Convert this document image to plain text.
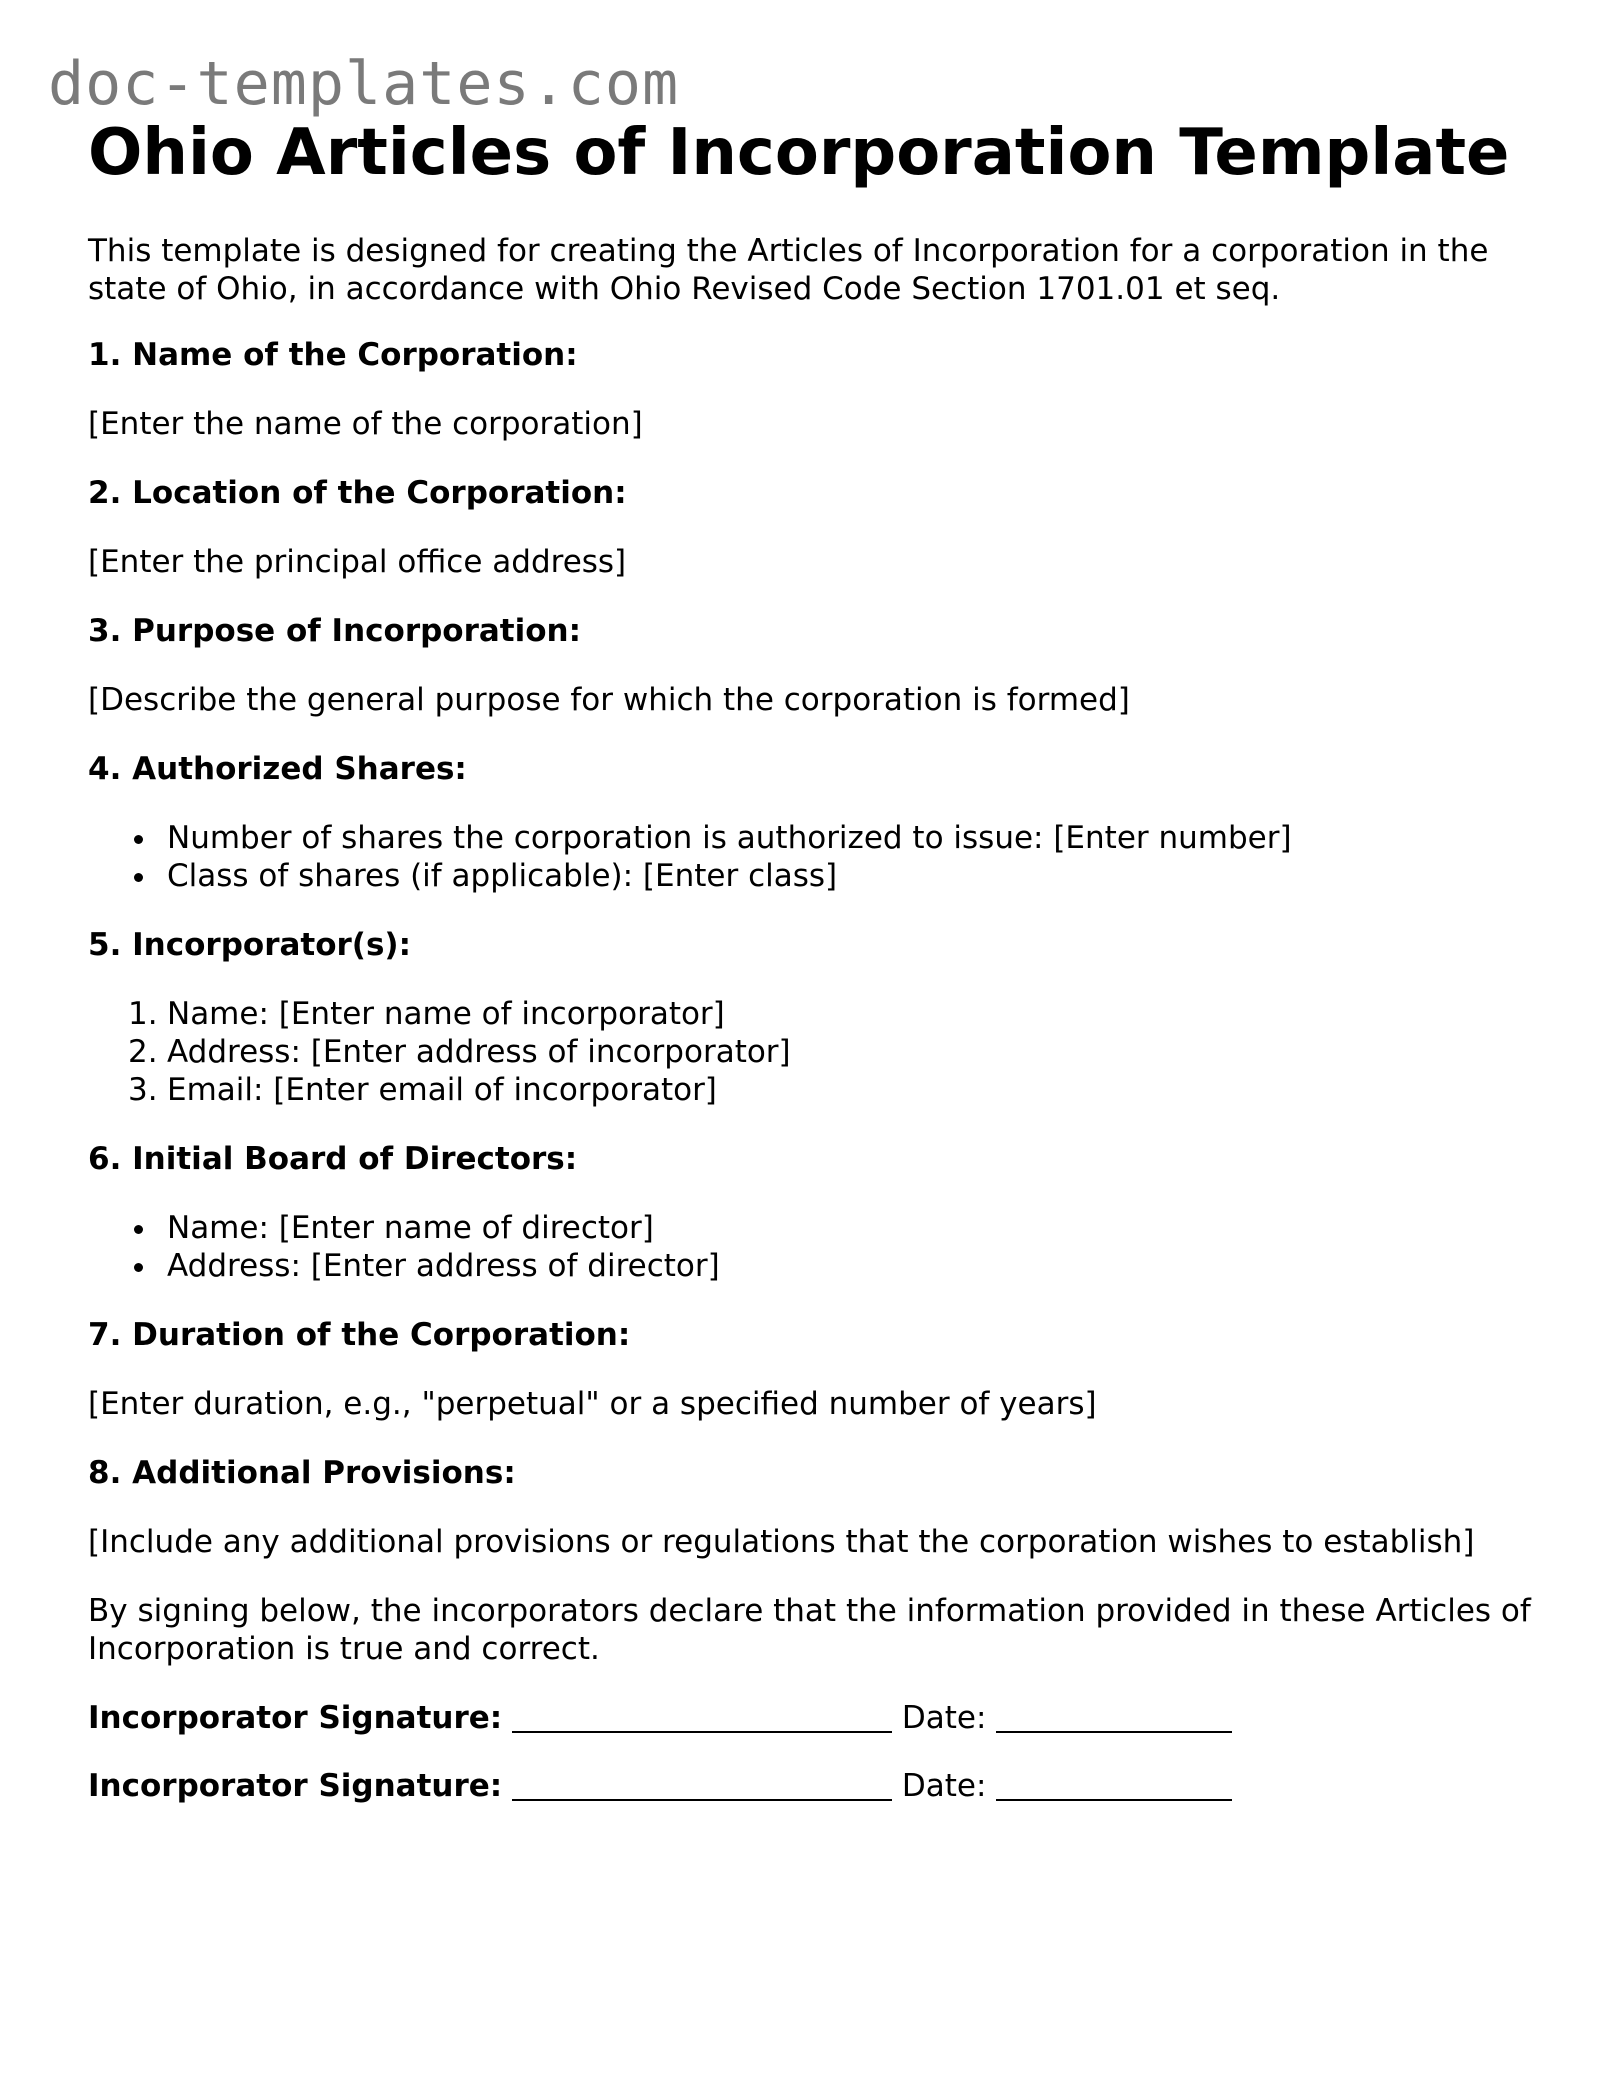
doc-templates.com
Ohio Articles of Incorporation Template

This template is designed for creating the Articles of Incorporation for a corporation in the state of Ohio, in accordance with Ohio Revised Code Section 1701.01 et seq.

1. Name of the Corporation:
[Enter the name of the corporation]
2. Location of the Corporation:
[Enter the principal office address]
3. Purpose of Incorporation:
[Describe the general purpose for which the corporation is formed]
4. Authorized Shares:
Number of shares the corporation is authorized to issue: [Enter number]
Class of shares (if applicable): [Enter class]
5. Incorporator(s):
1. Name: [Enter name of incorporator]
2. Address: [Enter address of incorporator]
3. Email: [Enter email of incorporator]
6. Initial Board of Directors:
Name: [Enter name of director]
Address: [Enter address of director]
7. Duration of the Corporation:
[Enter duration, e.g., "perpetual" or a specified number of years]
8. Additional Provisions:
[Include any additional provisions or regulations that the corporation wishes to establish]

By signing below, the incorporators declare that the information provided in these Articles of Incorporation is true and correct.

Incorporator Signature:	Date:
Incorporator Signature:	Date:
